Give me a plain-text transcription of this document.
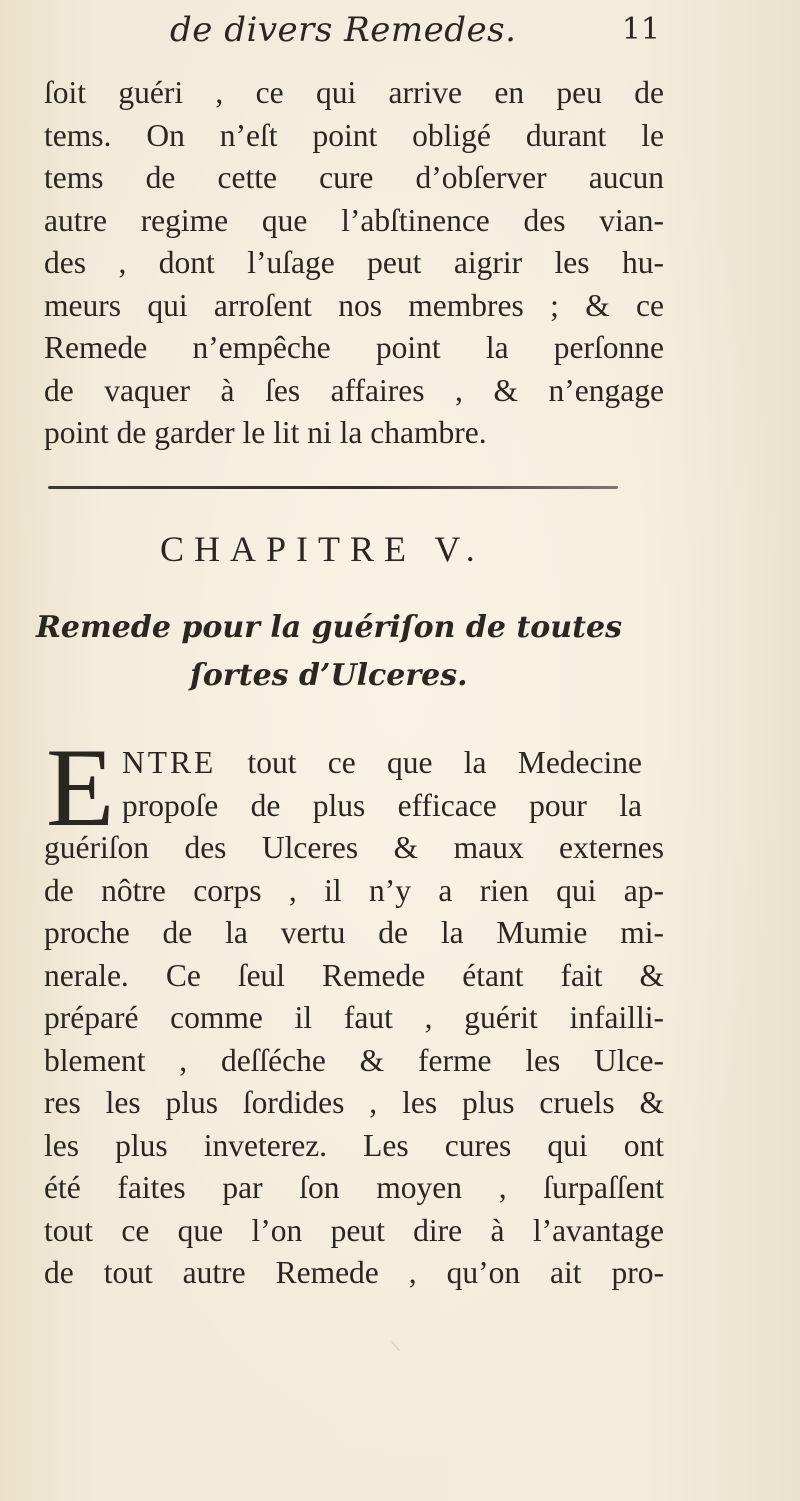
de divers Remedes.	11
ſoit guéri , ce qui arrive en peu de
tems. On n’eſt point obligé durant le
tems de cette cure d’obſerver aucun
autre regime que l’abſtinence des vian-
des , dont l’uſage peut aigrir les hu-
meurs qui arroſent nos membres ; & ce
Remede n’empêche point la perſonne
de vaquer à ſes affaires , & n’engage
point de garder le lit ni la chambre.
CHAPITRE V.
Remede pour la guériſon de toutes
ſortes d’Ulceres.
E NTRE tout ce que la Medecine
propoſe de plus efficace pour la
guériſon des Ulceres & maux externes
de nôtre corps , il n’y a rien qui ap-
proche de la vertu de la Mumie mi-
nerale. Ce ſeul Remede étant fait &
préparé comme il faut , guérit infailli-
blement , deſſéche & ferme les Ulce-
res les plus ſordides , les plus cruels &
les plus inveterez. Les cures qui ont
été faites par ſon moyen , ſurpaſſent
tout ce que l’on peut dire à l’avantage
de tout autre Remede , qu’on ait pro-
